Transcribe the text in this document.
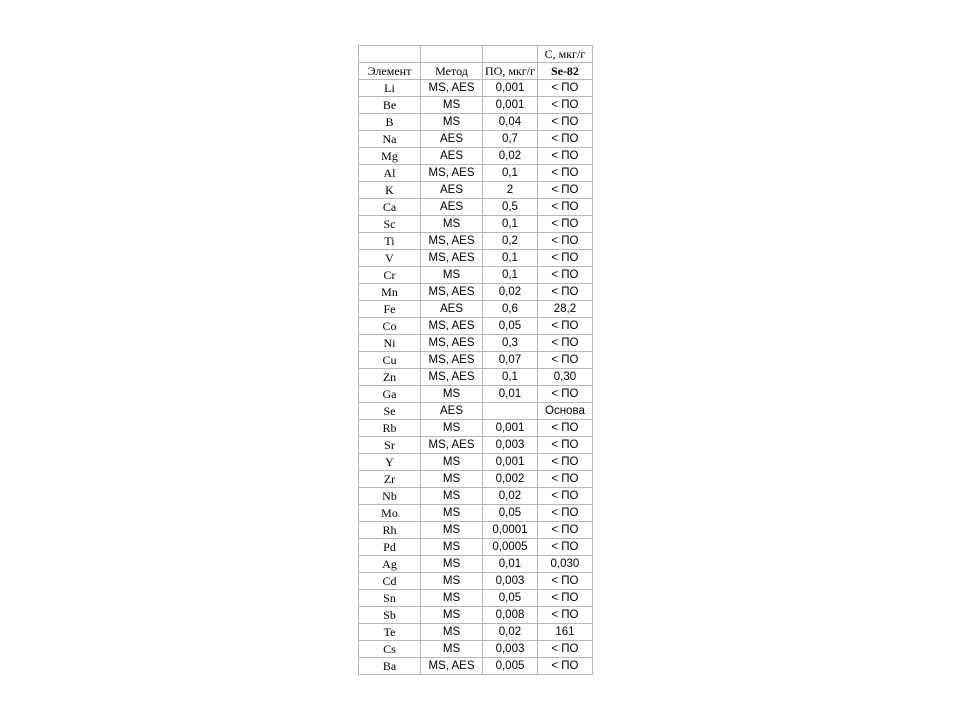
			C, мкг/г
Элемент	Метод	ПО, мкг/г	Se-82
Li	MS, AES	0,001	< ПО
Be	MS	0,001	< ПО
B	MS	0,04	< ПО
Na	AES	0,7	< ПО
Mg	AES	0,02	< ПО
Al	MS, AES	0,1	< ПО
K	AES	2	< ПО
Ca	AES	0,5	< ПО
Sc	MS	0,1	< ПО
Ti	MS, AES	0,2	< ПО
V	MS, AES	0,1	< ПО
Cr	MS	0,1	< ПО
Mn	MS, AES	0,02	< ПО
Fe	AES	0,6	28,2
Co	MS, AES	0,05	< ПО
Ni	MS, AES	0,3	< ПО
Cu	MS, AES	0,07	< ПО
Zn	MS, AES	0,1	0,30
Ga	MS	0,01	< ПО
Se	AES		Основа
Rb	MS	0,001	< ПО
Sr	MS, AES	0,003	< ПО
Y	MS	0,001	< ПО
Zr	MS	0,002	< ПО
Nb	MS	0,02	< ПО
Mo	MS	0,05	< ПО
Rh	MS	0,0001	< ПО
Pd	MS	0,0005	< ПО
Ag	MS	0,01	0,030
Cd	MS	0,003	< ПО
Sn	MS	0,05	< ПО
Sb	MS	0,008	< ПО
Te	MS	0,02	161
Cs	MS	0,003	< ПО
Ba	MS, AES	0,005	< ПО
